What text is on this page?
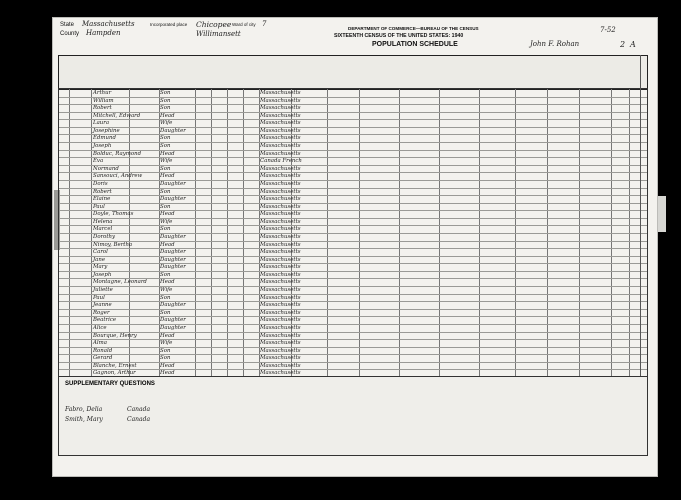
State Massachusetts
County Hampden
Incorporated place Chicopee
Willimansett
Ward of city 7
DEPARTMENT OF COMMERCE—BUREAU OF THE CENSUS
SIXTEENTH CENSUS OF THE UNITED STATES: 1940
POPULATION SCHEDULE	John F. Rohan
7-52
2 A
Arthur	Son	Massachusetts
William	Son	Massachusetts
Robert	Son	Massachusetts
Mitchell, Edward	Head	Massachusetts
Laura	Wife	Massachusetts
Josephine	Daughter	Massachusetts
Edmund	Son	Massachusetts
Joseph	Son	Massachusetts
Bolduc, Raymond	Head	Massachusetts
Eva	Wife	Canada French
Normand	Son	Massachusetts
Sansouci, Andrew	Head	Massachusetts
Doris	Daughter	Massachusetts
Robert	Son	Massachusetts
Elaine	Daughter	Massachusetts
Paul	Son	Massachusetts
Doyle, Thomas	Head	Massachusetts
Helena	Wife	Massachusetts
Marcel	Son	Massachusetts
Dorothy	Daughter	Massachusetts
Nimoy, Bertha	Head	Massachusetts
Carol	Daughter	Massachusetts
Jane	Daughter	Massachusetts
Mary	Daughter	Massachusetts
Joseph	Son	Massachusetts
Montagne, Leonard	Head	Massachusetts
Juliette	Wife	Massachusetts
Paul	Son	Massachusetts
Jeanne	Daughter	Massachusetts
Roger	Son	Massachusetts
Beatrice	Daughter	Massachusetts
Alice	Daughter	Massachusetts
Bourque, Henry	Head	Massachusetts
Alma	Wife	Massachusetts
Ronald	Son	Massachusetts
Gerard	Son	Massachusetts
Blanche, Ernest	Head	Massachusetts
Gagnon, Arthur	Head	Massachusetts
SUPPLEMENTARY QUESTIONS
Fabro, Delia	Canada
Smith, Mary	Canada
